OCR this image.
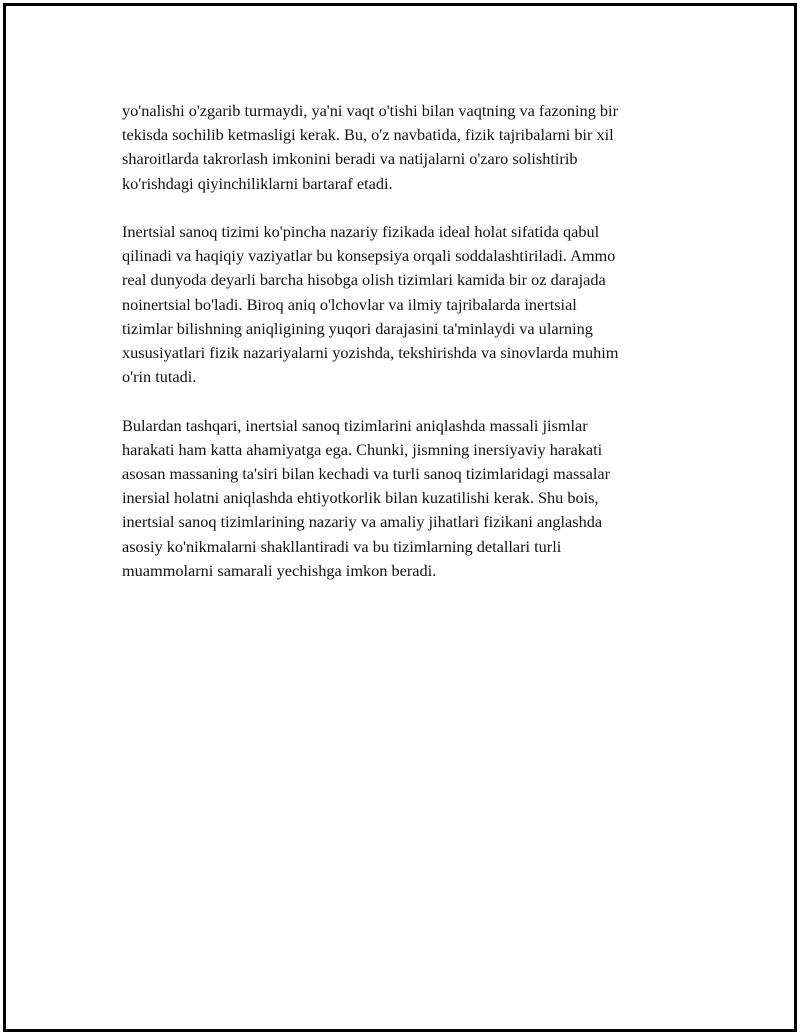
yo'nalishi o'zgarib turmaydi, ya'ni vaqt o'tishi bilan vaqtning va fazoning bir
tekisda sochilib ketmasligi kerak. Bu, o'z navbatida, fizik tajribalarni bir xil
sharoitlarda takrorlash imkonini beradi va natijalarni o'zaro solishtirib
ko'rishdagi qiyinchiliklarni bartaraf etadi.

Inertsial sanoq tizimi ko'pincha nazariy fizikada ideal holat sifatida qabul
qilinadi va haqiqiy vaziyatlar bu konsepsiya orqali soddalashtiriladi. Ammo
real dunyoda deyarli barcha hisobga olish tizimlari kamida bir oz darajada
noinertsial bo'ladi. Biroq aniq o'lchovlar va ilmiy tajribalarda inertsial
tizimlar bilishning aniqligining yuqori darajasini ta'minlaydi va ularning
xususiyatlari fizik nazariyalarni yozishda, tekshirishda va sinovlarda muhim
o'rin tutadi.

Bulardan tashqari, inertsial sanoq tizimlarini aniqlashda massali jismlar
harakati ham katta ahamiyatga ega. Chunki, jismning inersiyaviy harakati
asosan massaning ta'siri bilan kechadi va turli sanoq tizimlaridagi massalar
inersial holatni aniqlashda ehtiyotkorlik bilan kuzatilishi kerak. Shu bois,
inertsial sanoq tizimlarining nazariy va amaliy jihatlari fizikani anglashda
asosiy ko'nikmalarni shakllantiradi va bu tizimlarning detallari turli
muammolarni samarali yechishga imkon beradi.
